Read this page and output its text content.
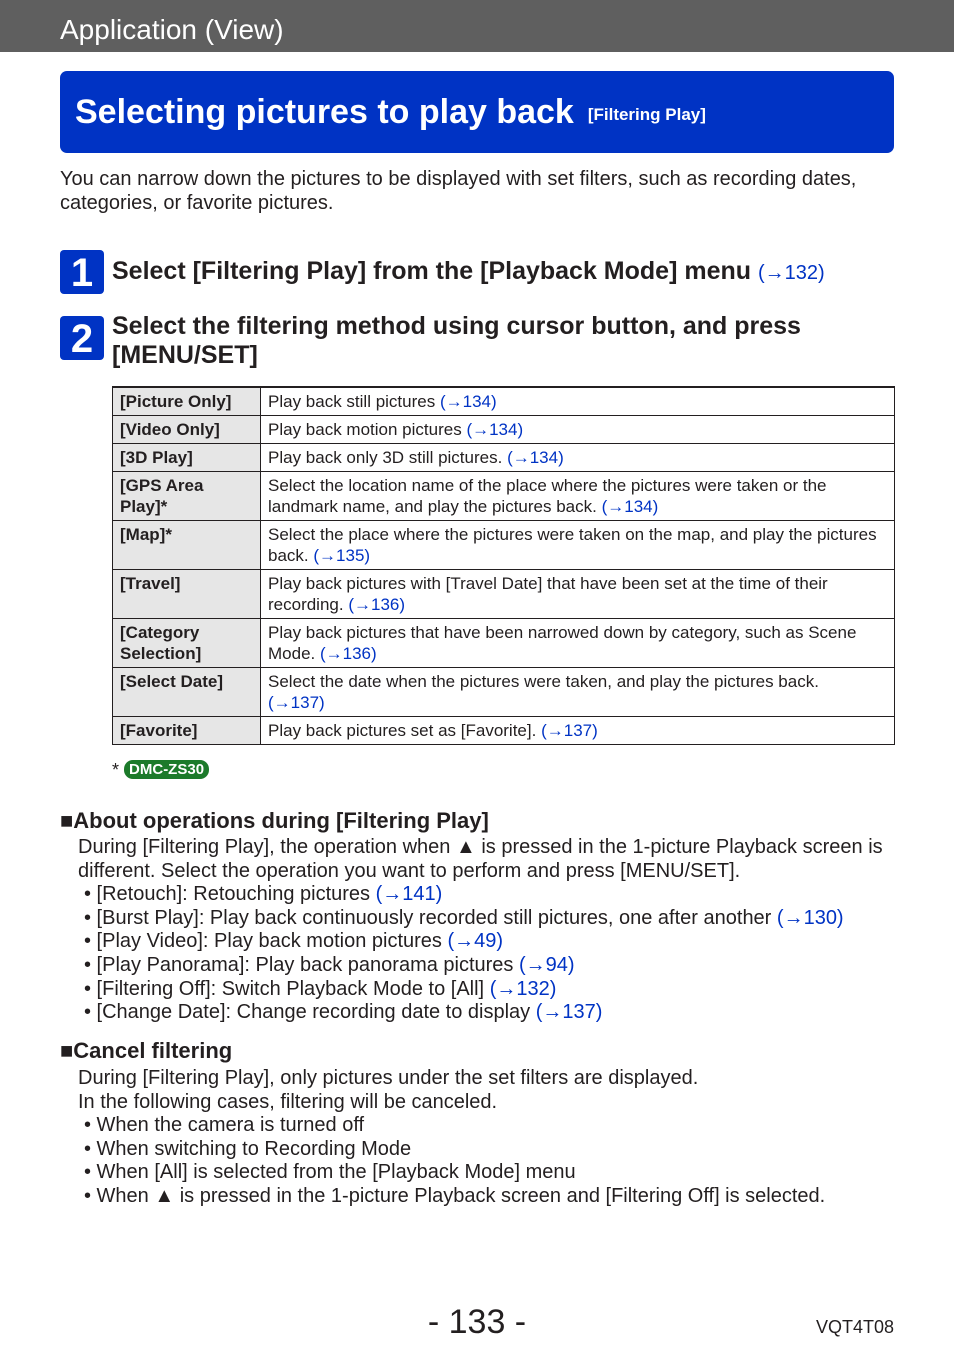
Application (View)
Selecting pictures to play back [Filtering Play]
You can narrow down the pictures to be displayed with set filters, such as recording dates, categories, or favorite pictures.
1 Select [Filtering Play] from the [Playback Mode] menu (→132)
2 Select the filtering method using cursor button, and press [MENU/SET]
[Picture Only]	Play back still pictures (→134)
[Video Only]	Play back motion pictures (→134)
[3D Play]	Play back only 3D still pictures. (→134)
[GPS Area Play]*	Select the location name of the place where the pictures were taken or the landmark name, and play the pictures back. (→134)
[Map]*	Select the place where the pictures were taken on the map, and play the pictures back. (→135)
[Travel]	Play back pictures with [Travel Date] that have been set at the time of their recording. (→136)
[Category Selection]	Play back pictures that have been narrowed down by category, such as Scene Mode. (→136)
[Select Date]	Select the date when the pictures were taken, and play the pictures back.
(→137)
[Favorite]	Play back pictures set as [Favorite]. (→137)
* DMC-ZS30
■About operations during [Filtering Play]

During [Filtering Play], the operation when ▲ is pressed in the 1-picture Playback screen is different. Select the operation you want to perform and press [MENU/SET].

• [Retouch]: Retouching pictures (→141)
• [Burst Play]: Play back continuously recorded still pictures, one after another (→130)
• [Play Video]: Play back motion pictures (→49)
• [Play Panorama]: Play back panorama pictures (→94)
• [Filtering Off]: Switch Playback Mode to [All] (→132)
• [Change Date]: Change recording date to display (→137)
■Cancel filtering

During [Filtering Play], only pictures under the set filters are displayed.

In the following cases, filtering will be canceled.

• When the camera is turned off
• When switching to Recording Mode
• When [All] is selected from the [Playback Mode] menu
• When ▲ is pressed in the 1-picture Playback screen and [Filtering Off] is selected.
- 133 -	VQT4T08
